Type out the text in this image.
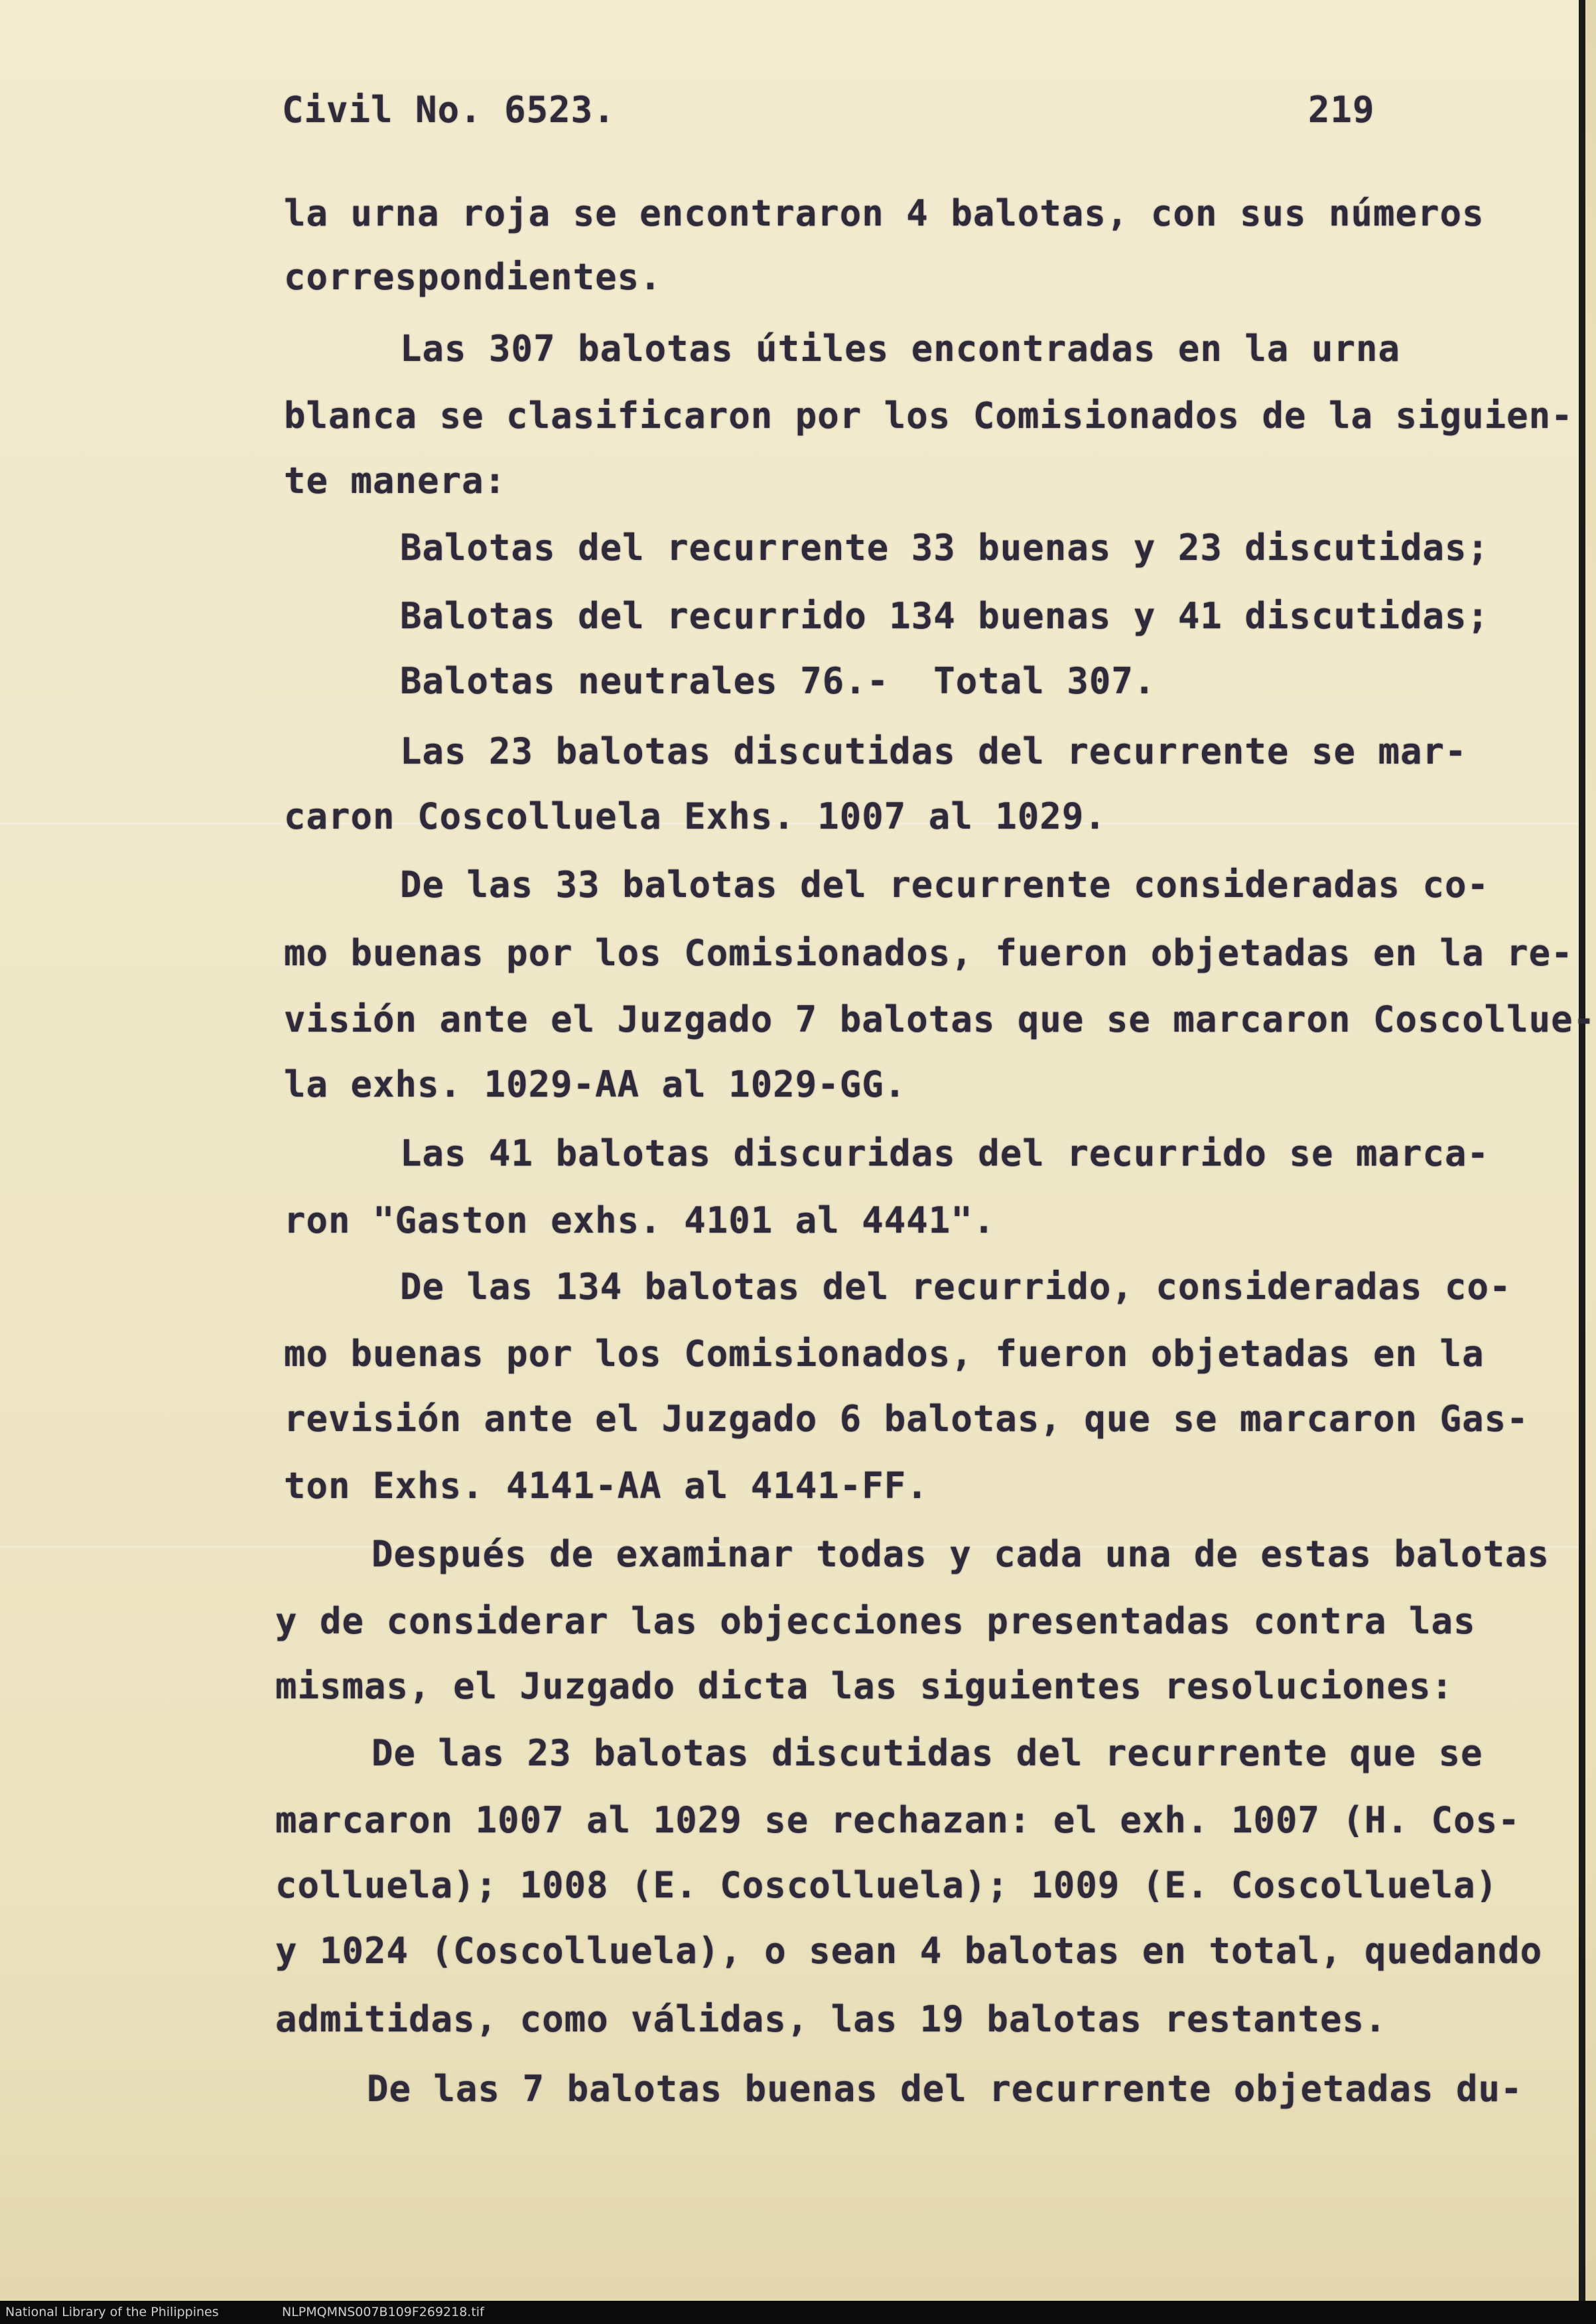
Civil No. 6523.	219
la urna roja se encontraron 4 balotas, con sus números
correspondientes.
Las 307 balotas útiles encontradas en la urna
blanca se clasificaron por los Comisionados de la siguien-
te manera:
Balotas del recurrente 33 buenas y 23 discutidas;
Balotas del recurrido 134 buenas y 41 discutidas;
Balotas neutrales 76.-  Total 307.
Las 23 balotas discutidas del recurrente se mar-
caron Coscolluela Exhs. 1007 al 1029.
De las 33 balotas del recurrente consideradas co-
mo buenas por los Comisionados, fueron objetadas en la re-
visión ante el Juzgado 7 balotas que se marcaron Coscollue-
la exhs. 1029-AA al 1029-GG.
Las 41 balotas discuridas del recurrido se marca-
ron "Gaston exhs. 4101 al 4441".
De las 134 balotas del recurrido, consideradas co-
mo buenas por los Comisionados, fueron objetadas en la
revisión ante el Juzgado 6 balotas, que se marcaron Gas-
ton Exhs. 4141-AA al 4141-FF.
Después de examinar todas y cada una de estas balotas
y de considerar las objecciones presentadas contra las
mismas, el Juzgado dicta las siguientes resoluciones:
De las 23 balotas discutidas del recurrente que se
marcaron 1007 al 1029 se rechazan: el exh. 1007 (H. Cos-
colluela); 1008 (E. Coscolluela); 1009 (E. Coscolluela)
y 1024 (Coscolluela), o sean 4 balotas en total, quedando
admitidas, como válidas, las 19 balotas restantes.
De las 7 balotas buenas del recurrente objetadas du-
National Library of the Philippines	NLPMQMNS007B109F269218.tif
